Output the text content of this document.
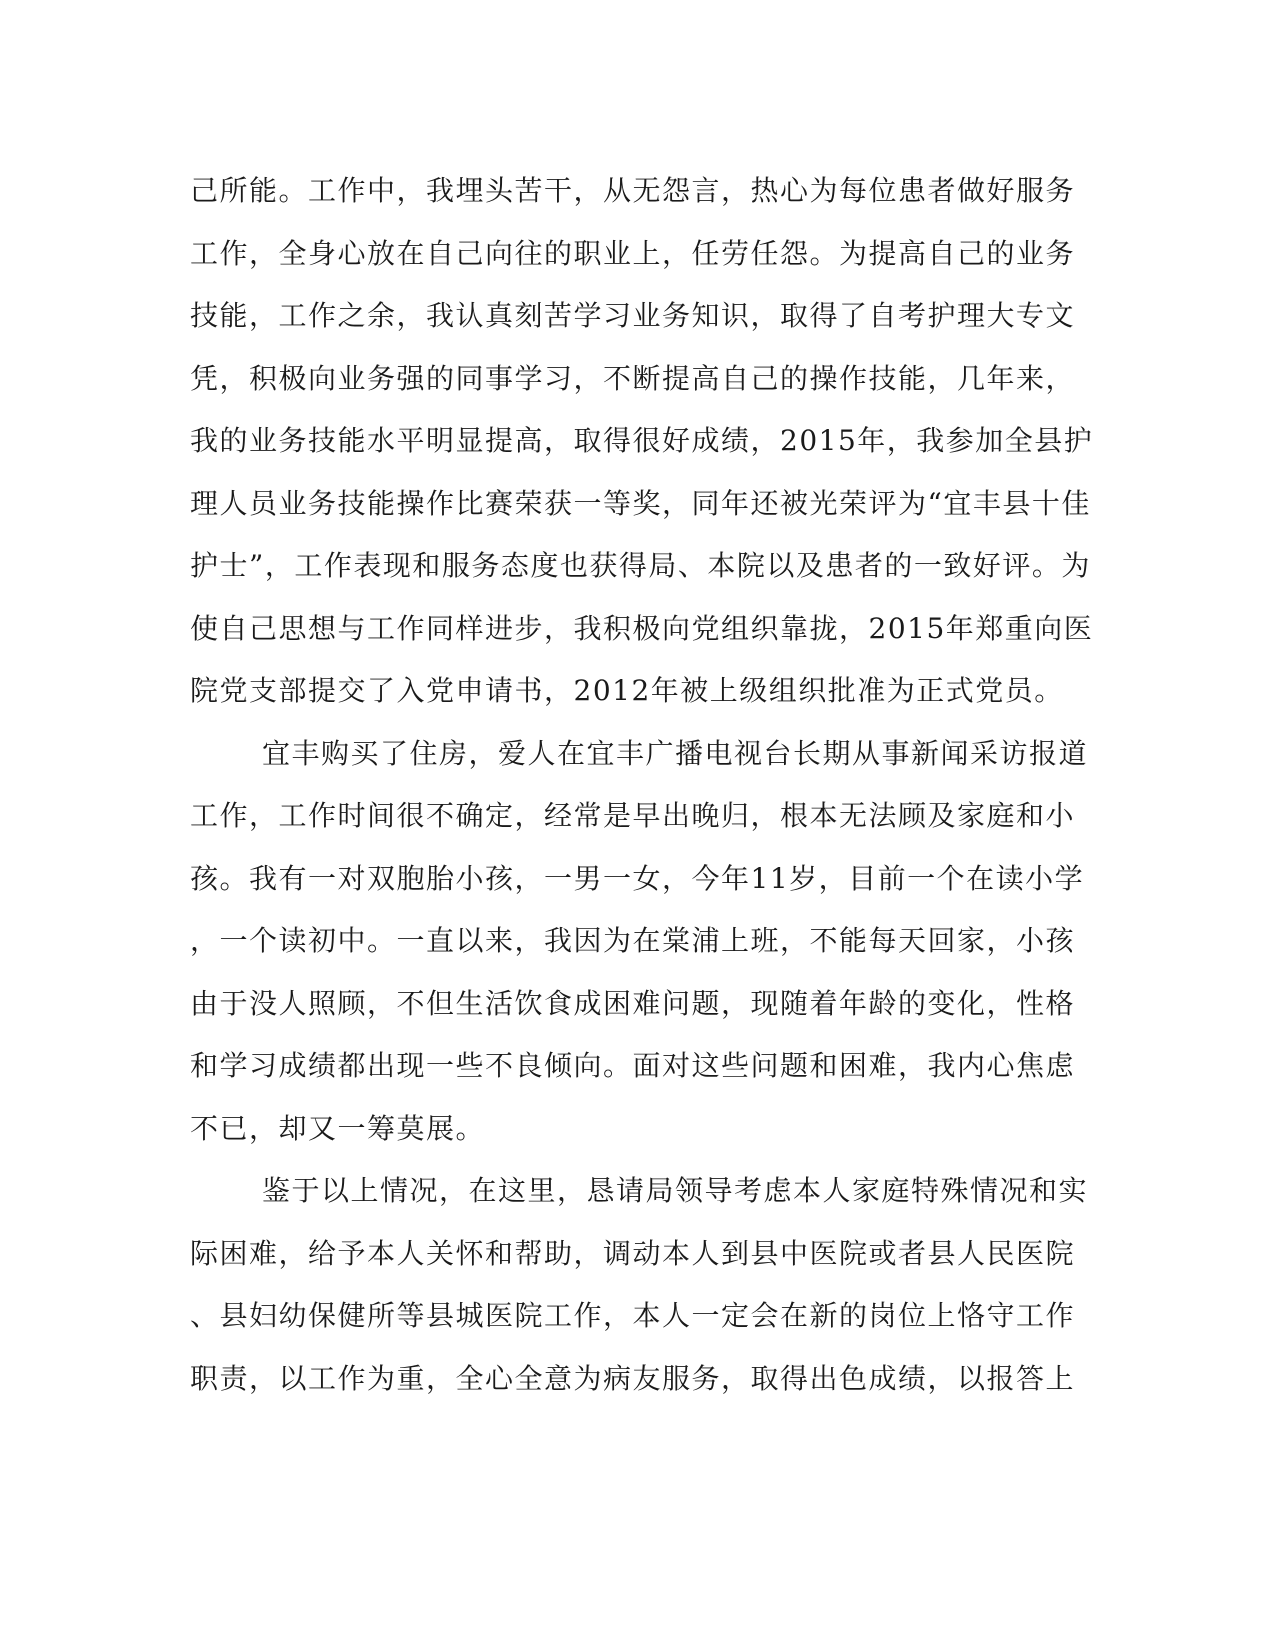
己所能。工作中，我埋头苦干，从无怨言，热心为每位患者做好服务
工作，全身心放在自己向往的职业上，任劳任怨。为提高自己的业务
技能，工作之余，我认真刻苦学习业务知识，取得了自考护理大专文
凭，积极向业务强的同事学习，不断提高自己的操作技能，几年来，
我的业务技能水平明显提高，取得很好成绩，2015年，我参加全县护
理人员业务技能操作比赛荣获一等奖，同年还被光荣评为“宜丰县十佳
护士”，工作表现和服务态度也获得局、本院以及患者的一致好评。为
使自己思想与工作同样进步，我积极向党组织靠拢，2015年郑重向医
院党支部提交了入党申请书，2012年被上级组织批准为正式党员。
宜丰购买了住房，爱人在宜丰广播电视台长期从事新闻采访报道
工作，工作时间很不确定，经常是早出晚归，根本无法顾及家庭和小
孩。我有一对双胞胎小孩，一男一女，今年11岁，目前一个在读小学
，一个读初中。一直以来，我因为在棠浦上班，不能每天回家，小孩
由于没人照顾，不但生活饮食成困难问题，现随着年龄的变化，性格
和学习成绩都出现一些不良倾向。面对这些问题和困难，我内心焦虑
不已，却又一筹莫展。
鉴于以上情况，在这里，恳请局领导考虑本人家庭特殊情况和实
际困难，给予本人关怀和帮助，调动本人到县中医院或者县人民医院
、县妇幼保健所等县城医院工作，本人一定会在新的岗位上恪守工作
职责，以工作为重，全心全意为病友服务，取得出色成绩，以报答上
